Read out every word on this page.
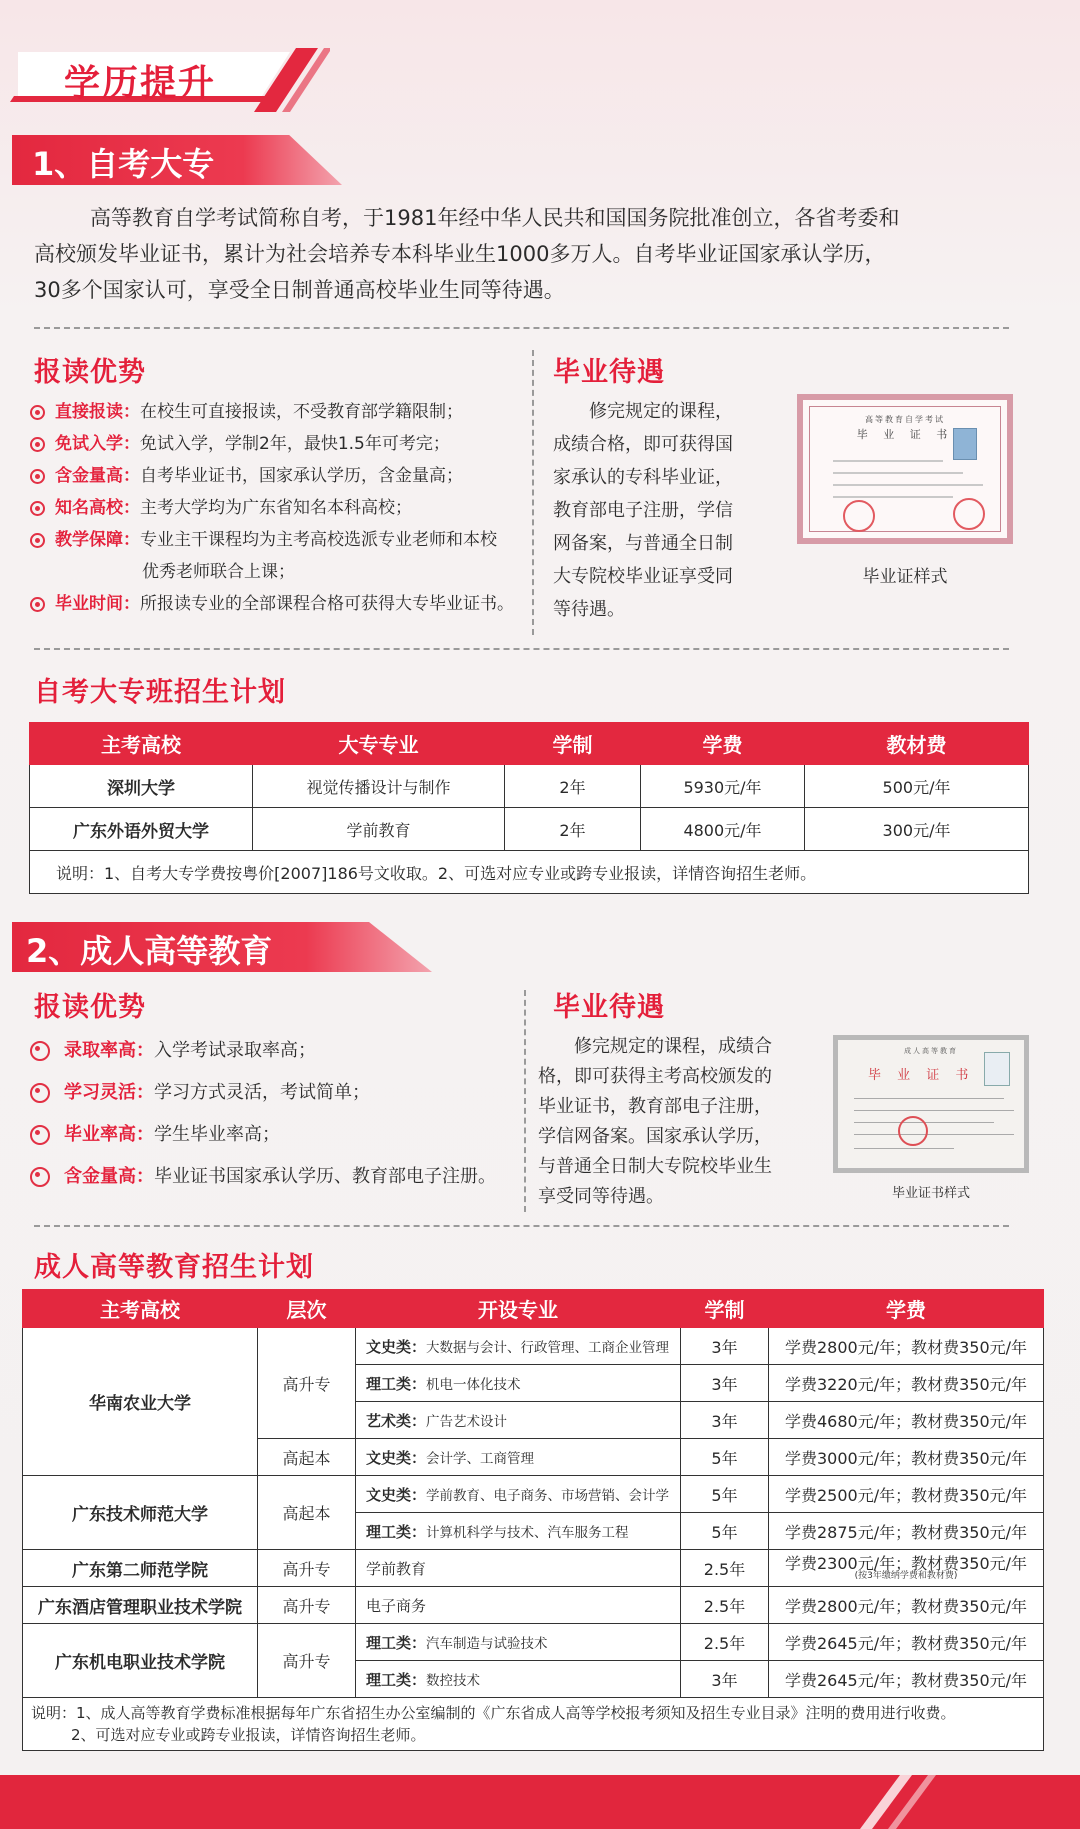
学历提升
1、自考大专
高等教育自学考试简称自考，于1981年经中华人民共和国国务院批准创立，各省考委和
高校颁发毕业证书，累计为社会培养专本科毕业生1000多万人。自考毕业证国家承认学历，
30多个国家认可，享受全日制普通高校毕业生同等待遇。
报读优势
直接报读：在校生可直接报读，不受教育部学籍限制；
免试入学：免试入学，学制2年，最快1.5年可考完；
含金量高：自考毕业证书，国家承认学历，含金量高；
知名高校：主考大学均为广东省知名本科高校；
教学保障：专业主干课程均为主考高校选派专业老师和本校
优秀老师联合上课；
毕业时间：所报读专业的全部课程合格可获得大专毕业证书。
毕业待遇
修完规定的课程，
成绩合格，即可获得国
家承认的专科毕业证，
教育部电子注册，学信
网备案，与普通全日制
大专院校毕业证享受同
等待遇。
高等教育自学考试
毕 业 证 书
毕业证样式
自考大专班招生计划
主考高校	大专专业	学制	学费	教材费
深圳大学	视觉传播设计与制作	2年	5930元/年	500元/年
广东外语外贸大学	学前教育	2年	4800元/年	300元/年
说明：1、自考大专学费按粤价[2007]186号文收取。2、可选对应专业或跨专业报读，详情咨询招生老师。				
2、成人高等教育
报读优势
录取率高：入学考试录取率高；
学习灵活：学习方式灵活，考试简单；
毕业率高：学生毕业率高；
含金量高：毕业证书国家承认学历、教育部电子注册。
毕业待遇
修完规定的课程，成绩合
格，即可获得主考高校颁发的
毕业证书，教育部电子注册，
学信网备案。国家承认学历，
与普通全日制大专院校毕业生
享受同等待遇。
成人高等教育
毕 业 证 书
毕业证书样式
成人高等教育招生计划
主考高校	层次	开设专业	学制	学费
华南农业大学	高升专	文史类：大数据与会计、行政管理、工商企业管理	3年	学费2800元/年；教材费350元/年
		理工类：机电一体化技术	3年	学费3220元/年；教材费350元/年
		艺术类：广告艺术设计	3年	学费4680元/年；教材费350元/年
	高起本	文史类：会计学、工商管理	5年	学费3000元/年；教材费350元/年
广东技术师范大学	高起本	文史类：学前教育、电子商务、市场营销、会计学	5年	学费2500元/年；教材费350元/年
		理工类：计算机科学与技术、汽车服务工程	5年	学费2875元/年；教材费350元/年
广东第二师范学院	高升专	学前教育	2.5年	学费2300元/年；教材费350元/年
(按3年缴纳学费和教材费)

广东酒店管理职业技术学院	高升专	电子商务	2.5年	学费2800元/年；教材费350元/年
广东机电职业技术学院	高升专	理工类：汽车制造与试验技术	2.5年	学费2645元/年；教材费350元/年
		理工类：数控技术	3年	学费2645元/年；教材费350元/年

说明：1、成人高等教育学费标准根据每年广东省招生办公室编制的《广东省成人高等学校报考须知及招生专业目录》注明的费用进行收费。
2、可选对应专业或跨专业报读，详情咨询招生老师。				
